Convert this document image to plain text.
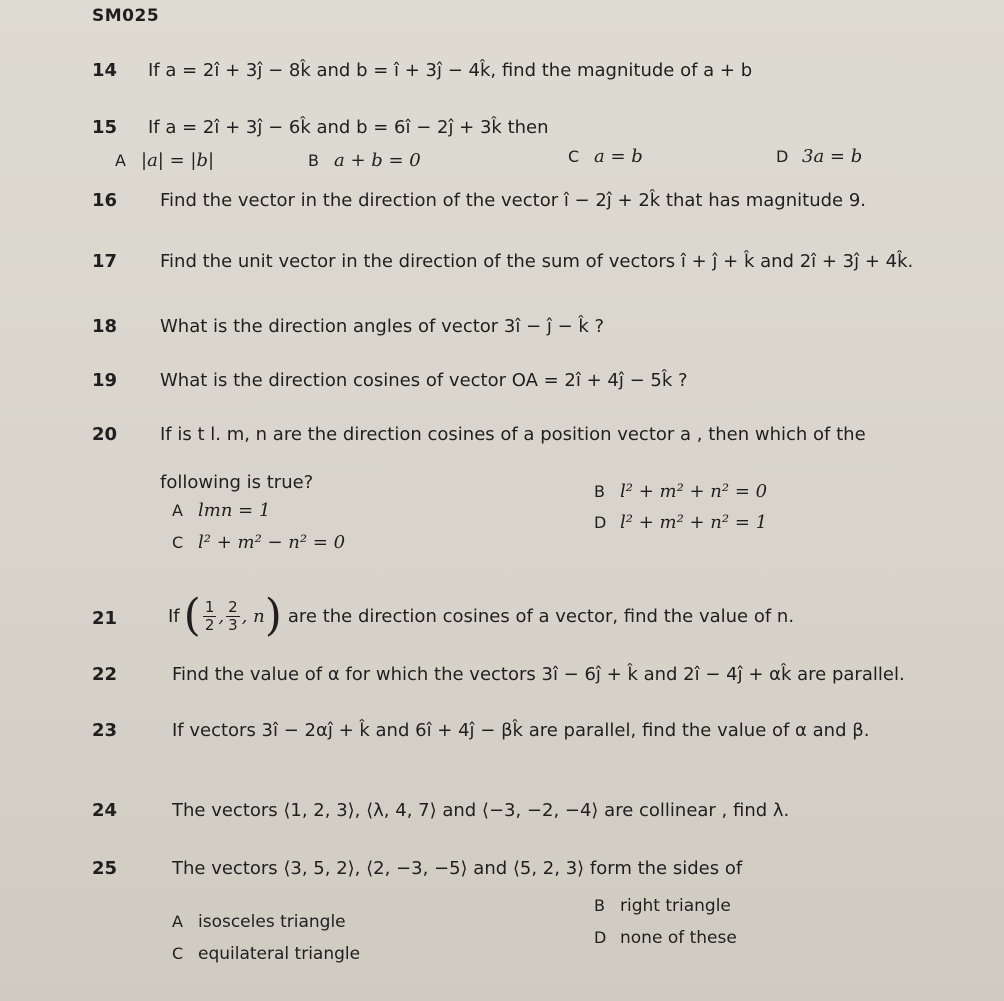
SM025
14 If a = 2î + 3ĵ − 8k̂ and b = î + 3ĵ − 4k̂, find the magnitude of a + b
15 If a = 2î + 3ĵ − 6k̂ and b = 6î − 2ĵ + 3k̂ then
A |a| = |b|	B a + b = 0	C a = b	D 3a = b
16 Find the vector in the direction of the vector î − 2ĵ + 2k̂ that has magnitude 9.
17 Find the unit vector in the direction of the sum of vectors î + ĵ + k̂ and 2î + 3ĵ + 4k̂.
18 What is the direction angles of vector 3î − ĵ − k̂ ?
19 What is the direction cosines of vector OA = 2î + 4ĵ − 5k̂ ?
20 If is t l. m, n are the direction cosines of a position vector a , then which of the
following is true?
A lmn = 1
B l² + m² + n² = 0
C l² + m² − n² = 0
D l² + m² + n² = 1
21	If ( $\frac{1}{2}$ , $\frac{2}{3}$ , n ) are the direction cosines of a vector, find the value of n.
22	Find the value of α for which the vectors 3î − 6ĵ + k̂ and 2î − 4ĵ + αk̂ are parallel.
23	If vectors 3î − 2αĵ + k̂ and 6î + 4ĵ − βk̂ are parallel, find the value of α and β.
24	The vectors ⟨1, 2, 3⟩, ⟨λ, 4, 7⟩ and ⟨−3, −2, −4⟩ are collinear , find λ.
25	The vectors ⟨3, 5, 2⟩, ⟨2, −3, −5⟩ and ⟨5, 2, 3⟩ form the sides of
A isosceles triangle
B right triangle
C equilateral triangle
D none of these
